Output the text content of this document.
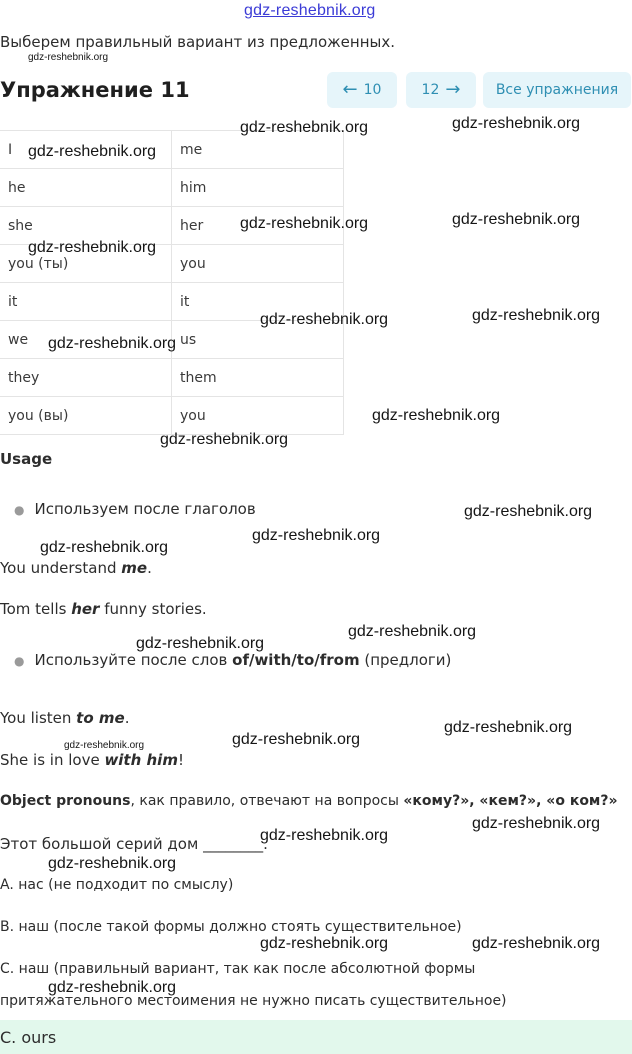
gdz-reshebnik.org
Выберем правильный вариант из предложенных.
Упражнение 11	← 10	12 →	Все упражнения
I	me
he	him
she	her
you (ты)	you
it	it
we	us
they	them
you (вы)	you
Usage
● Используем после глаголов
You understand me.
Tom tells her funny stories.
● Используйте после слов of/with/to/from (предлоги)
You listen to me.
She is in love with him!
Object pronouns, как правило, отвечают на вопросы «кому?», «кем?», «о ком?»
Этот большой серий дом ________.
A. нас (не подходит по смыслу)
B. наш (после такой формы должно стоять существительное)
C. наш (правильный вариант, так как после абсолютной формы
притяжательного местоимения не нужно писать существительное)
C. ours
gdz-reshebnik.org
gdz-reshebnik.org	gdz-reshebnik.org
gdz-reshebnik.org
gdz-reshebnik.org	gdz-reshebnik.org
gdz-reshebnik.org
gdz-reshebnik.org	gdz-reshebnik.org
gdz-reshebnik.org
gdz-reshebnik.org
gdz-reshebnik.org
gdz-reshebnik.org
gdz-reshebnik.org
gdz-reshebnik.org
gdz-reshebnik.org
gdz-reshebnik.org
gdz-reshebnik.org
gdz-reshebnik.org
gdz-reshebnik.org
gdz-reshebnik.org
gdz-reshebnik.org
gdz-reshebnik.org
gdz-reshebnik.org	gdz-reshebnik.org
gdz-reshebnik.org
